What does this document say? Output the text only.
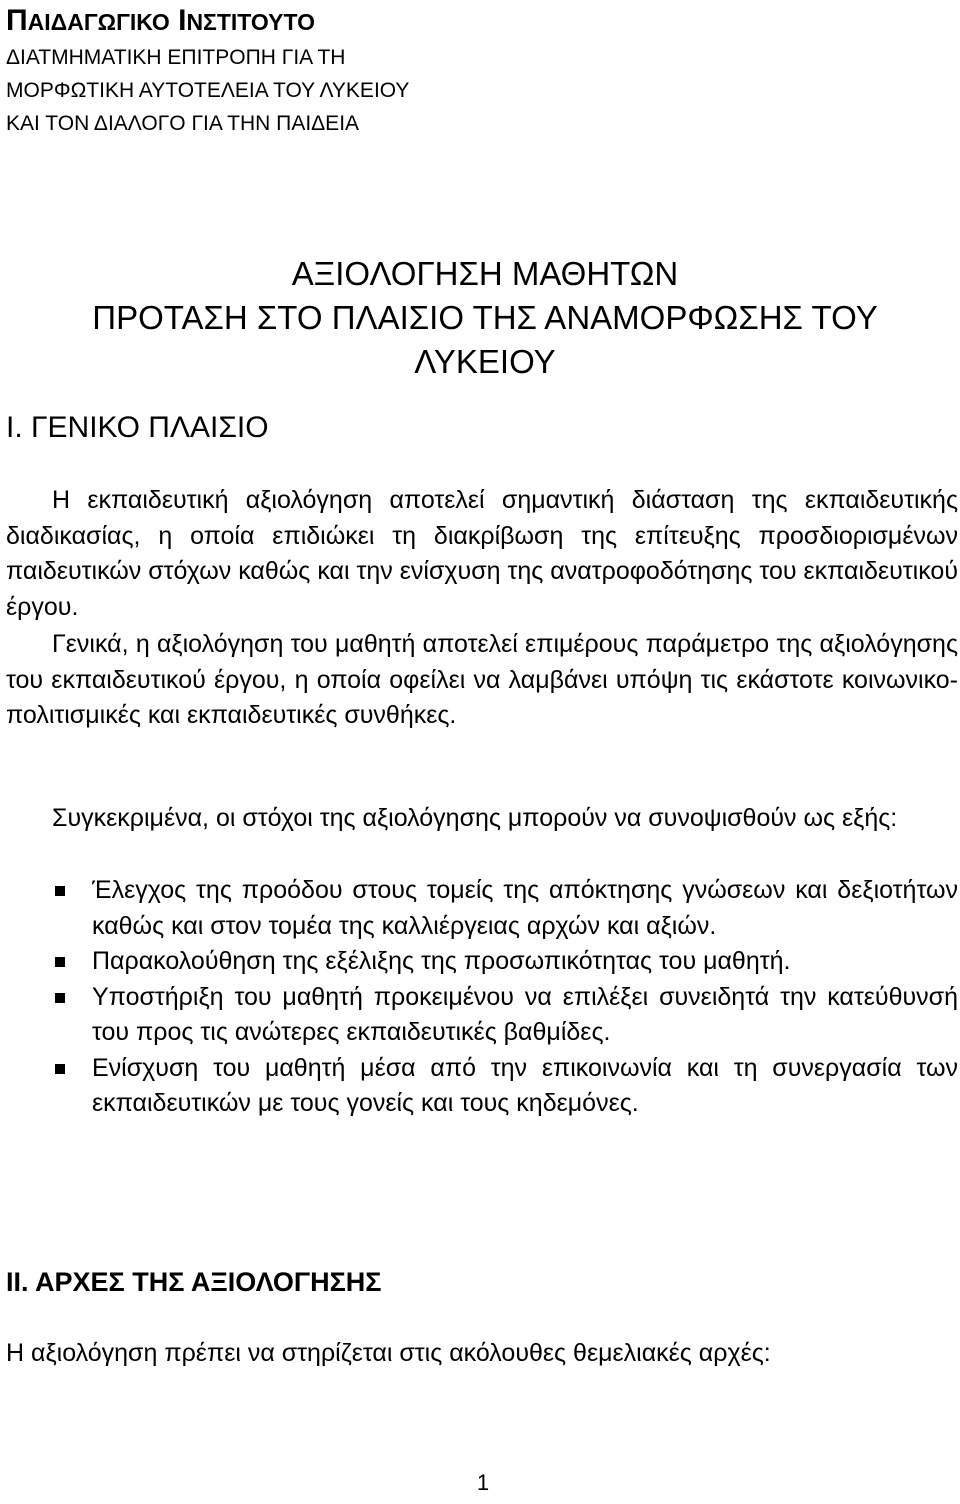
ΠΑΙΔΑΓΩΓΙΚΟ ΙΝΣΤΙΤΟΥΤΟ
ΔΙΑΤΜΗΜΑΤΙΚΗ ΕΠΙΤΡΟΠΗ ΓΙΑ ΤΗ
ΜΟΡΦΩΤΙΚΗ ΑΥΤΟΤΕΛΕΙΑ ΤΟΥ ΛΥΚΕΙΟΥ
ΚΑΙ ΤΟΝ ΔΙΑΛΟΓΟ ΓΙΑ ΤΗΝ ΠΑΙΔΕΙΑ
ΑΞΙΟΛΟΓΗΣΗ ΜΑΘΗΤΩΝ
ΠΡΟΤΑΣΗ ΣΤΟ ΠΛΑΙΣΙΟ ΤΗΣ ΑΝΑΜΟΡΦΩΣΗΣ ΤΟΥ
ΛΥΚΕΙΟΥ
Ι. ΓΕΝΙΚΟ ΠΛΑΙΣΙΟ
Η εκπαιδευτική αξιολόγηση αποτελεί σημαντική διάσταση της εκπαιδευτικής διαδικασίας, η οποία επιδιώκει τη διακρίβωση της επίτευξης προσδιορισμένων παιδευτικών στόχων καθώς και την ενίσχυση της ανατροφοδότησης του εκπαιδευτικού έργου.
Γενικά, η αξιολόγηση του μαθητή αποτελεί επιμέρους παράμετρο της αξιολόγησης του εκπαιδευτικού έργου, η οποία οφείλει να λαμβάνει υπόψη τις εκάστοτε κοινωνικο-πολιτισμικές και εκπαιδευτικές συνθήκες.
Συγκεκριμένα, οι στόχοι της αξιολόγησης μπορούν να συνοψισθούν ως εξής:
Έλεγχος της προόδου στους τομείς της απόκτησης γνώσεων και δεξιοτήτων καθώς και στον τομέα της καλλιέργειας αρχών και αξιών.
Παρακολούθηση της εξέλιξης της προσωπικότητας του μαθητή.
Υποστήριξη του μαθητή προκειμένου να επιλέξει συνειδητά την κατεύθυνσή του προς τις ανώτερες εκπαιδευτικές βαθμίδες.
Ενίσχυση του μαθητή μέσα από την επικοινωνία και τη συνεργασία των εκπαιδευτικών με τους γονείς και τους κηδεμόνες.
ΙΙ. ΑΡΧΕΣ ΤΗΣ ΑΞΙΟΛΟΓΗΣΗΣ
Η αξιολόγηση πρέπει να στηρίζεται στις ακόλουθες θεμελιακές αρχές:
1
